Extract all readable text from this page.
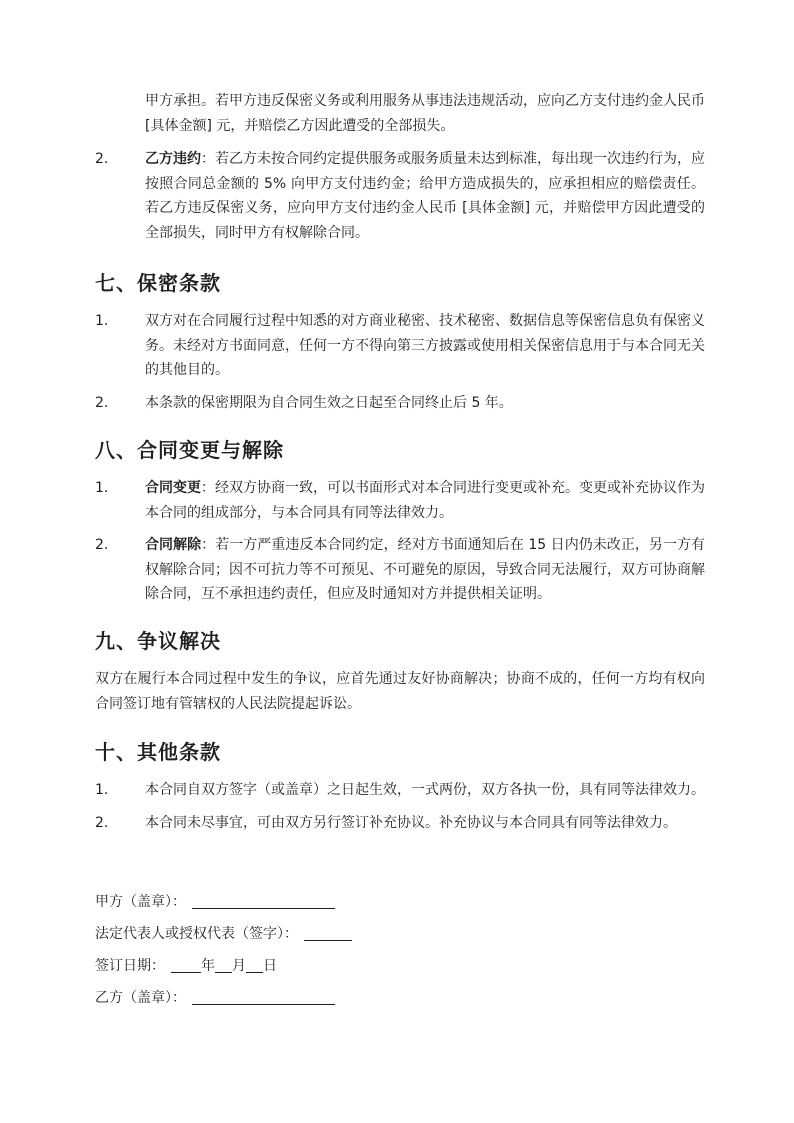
甲方承担。若甲方违反保密义务或利用服务从事违法违规活动，应向乙方支付违约金人民币 [具体金额] 元，并赔偿乙方因此遭受的全部损失。

2.	乙方违约：若乙方未按合同约定提供服务或服务质量未达到标准，每出现一次违约行为，应按照合同总金额的 5% 向甲方支付违约金；给甲方造成损失的，应承担相应的赔偿责任。若乙方违反保密义务，应向甲方支付违约金人民币 [具体金额] 元，并赔偿甲方因此遭受的全部损失，同时甲方有权解除合同。

七、保密条款
1.	双方对在合同履行过程中知悉的对方商业秘密、技术秘密、数据信息等保密信息负有保密义务。未经对方书面同意，任何一方不得向第三方披露或使用相关保密信息用于与本合同无关的其他目的。

2.	本条款的保密期限为自合同生效之日起至合同终止后 5 年。

八、合同变更与解除
1.	合同变更：经双方协商一致，可以书面形式对本合同进行变更或补充。变更或补充协议作为本合同的组成部分，与本合同具有同等法律效力。

2.	合同解除：若一方严重违反本合同约定，经对方书面通知后在 15 日内仍未改正，另一方有权解除合同；因不可抗力等不可预见、不可避免的原因，导致合同无法履行，双方可协商解除合同，互不承担违约责任，但应及时通知对方并提供相关证明。

九、争议解决

双方在履行本合同过程中发生的争议，应首先通过友好协商解决；协商不成的，任何一方均有权向合同签订地有管辖权的人民法院提起诉讼。

十、其他条款
1.	本合同自双方签字（或盖章）之日起生效，一式两份，双方各执一份，具有同等法律效力。

2.	本合同未尽事宜，可由双方另行签订补充协议。补充协议与本合同具有同等法律效力。

甲方（盖章）：

法定代表人或授权代表（签字）：

签订日期：	年 月 日

乙方（盖章）：
